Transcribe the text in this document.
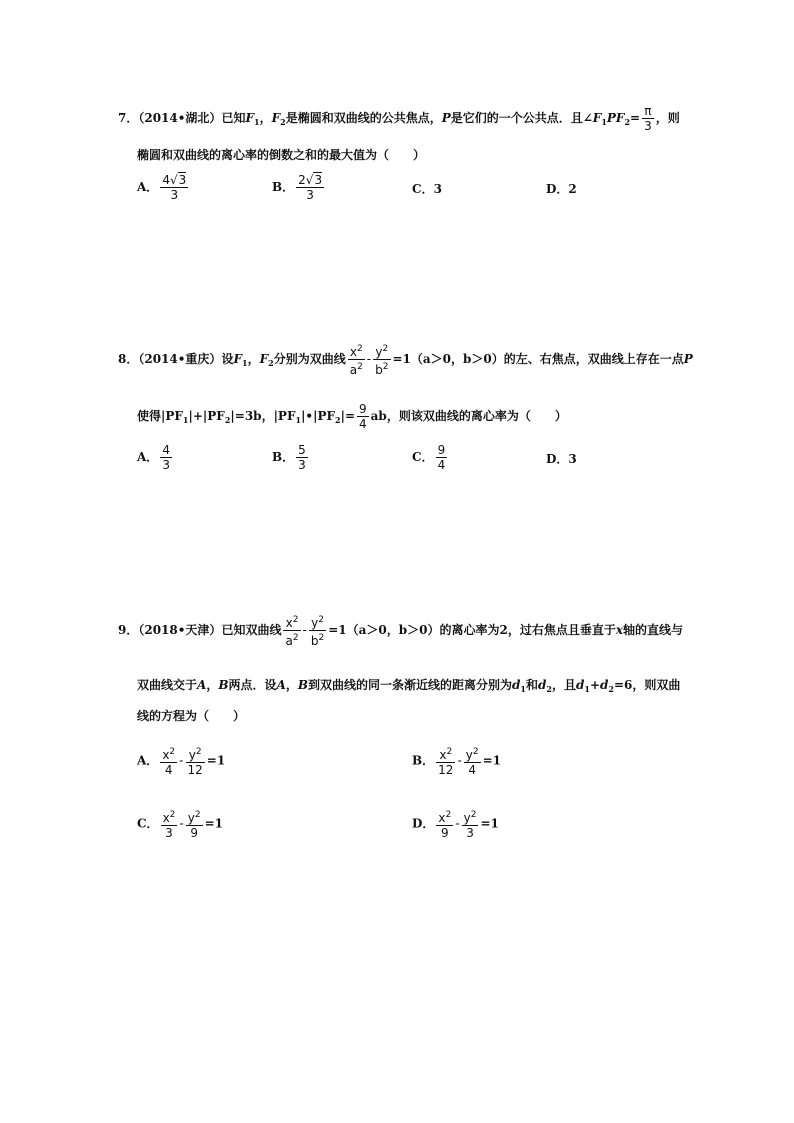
7．（2014•湖北）已知$F_1$，$F_2$是椭圆和双曲线的公共焦点，P是它们的一个公共点．且$\angle F_1PF_2= \frac{\pi}{3}$ ，则
椭圆和双曲线的离心率的倒数之和的最大值为（　　）
A． $\frac{4√3}{3}$	B． $\frac{2√3}{3}$	C．3	D．2
8．（2014•重庆）设$F_1$，$F_2$分别为双曲线 $\frac{x^2}{a^2} - \frac{y^2}{b^2} =1(a>0$，b＞0）的左、右焦点，双曲线上存在一点P
使得$|PF_1|+|PF_2|=3b$，$|PF_1|•|PF_2|= \frac{9}{4}$ ab，则该双曲线的离心率为（　　）
A． $\frac{4}{3}$	B． $\frac{5}{3}$	C． $\frac{9}{4}$	D．3
9．（2018•天津）已知双曲线 $\frac{x^2}{a^2} - \frac{y^2}{b^2} =1(a>0$，b＞0）的离心率为2，过右焦点且垂直于x轴的直线与
双曲线交于A，B两点．设A，B到双曲线的同一条渐近线的距离分别为$d_1$和$d_2$，且$d_1+d_2=6$，则双曲
线的方程为（　　）
A． $\frac{x^2}{4} - \frac{y^2}{12} =1$	B． $\frac{x^2}{12} - \frac{y^2}{4} =1$
C． $\frac{x^2}{3} - \frac{y^2}{9} =1$	D． $\frac{x^2}{9} - \frac{y^2}{3} =1$
